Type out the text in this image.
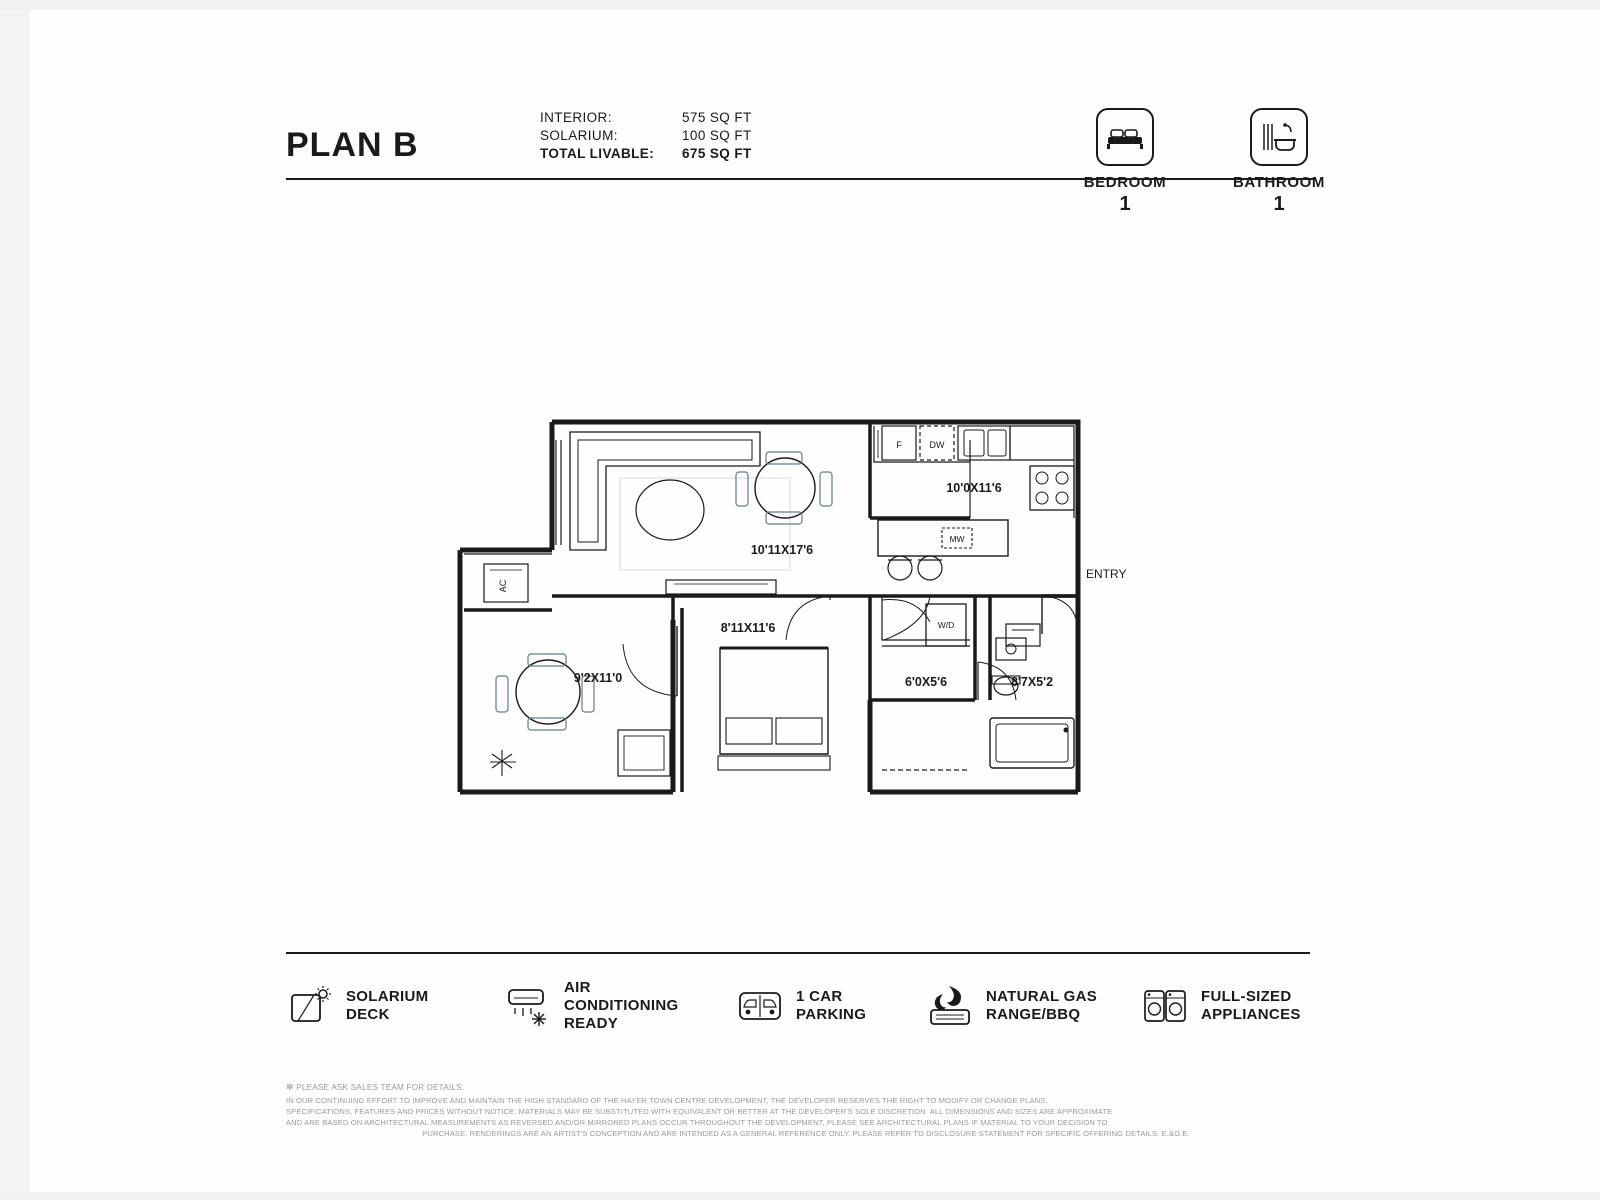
PLAN B
INTERIOR:	575 SQ FT
SOLARIUM:	100 SQ FT
TOTAL LIVABLE:	675 SQ FT
BEDROOM
1
BATHROOM
1
10'0X11'6
10'11X17'6
8'11X11'6
9'2X11'0	6'0X5'6	8'7X5'2
F	DW
MW
W/D
AC
ENTRY
SOLARIUM
DECK
AIR
CONDITIONING
READY
1 CAR
PARKING
NATURAL GAS
RANGE/BBQ
FULL-SIZED
APPLIANCES
✻ PLEASE ASK SALES TEAM FOR DETAILS.
IN OUR CONTINUING EFFORT TO IMPROVE AND MAINTAIN THE HIGH STANDARD OF THE HAYER TOWN CENTRE DEVELOPMENT, THE DEVELOPER RESERVES THE RIGHT TO MODIFY OR CHANGE PLANS,
SPECIFICATIONS, FEATURES AND PRICES WITHOUT NOTICE. MATERIALS MAY BE SUBSTITUTED WITH EQUIVALENT OR BETTER AT THE DEVELOPER'S SOLE DISCRETION. ALL DIMENSIONS AND SIZES ARE APPROXIMATE
AND ARE BASED ON ARCHITECTURAL MEASUREMENTS AS REVERSED AND/OR MIRRORED PLANS OCCUR THROUGHOUT THE DEVELOPMENT, PLEASE SEE ARCHITECTURAL PLANS IF MATERIAL TO YOUR DECISION TO
PURCHASE. RENDERINGS ARE AN ARTIST'S CONCEPTION AND ARE INTENDED AS A GENERAL REFERENCE ONLY. PLEASE REFER TO DISCLOSURE STATEMENT FOR SPECIFIC OFFERING DETAILS. E.&O.E.
